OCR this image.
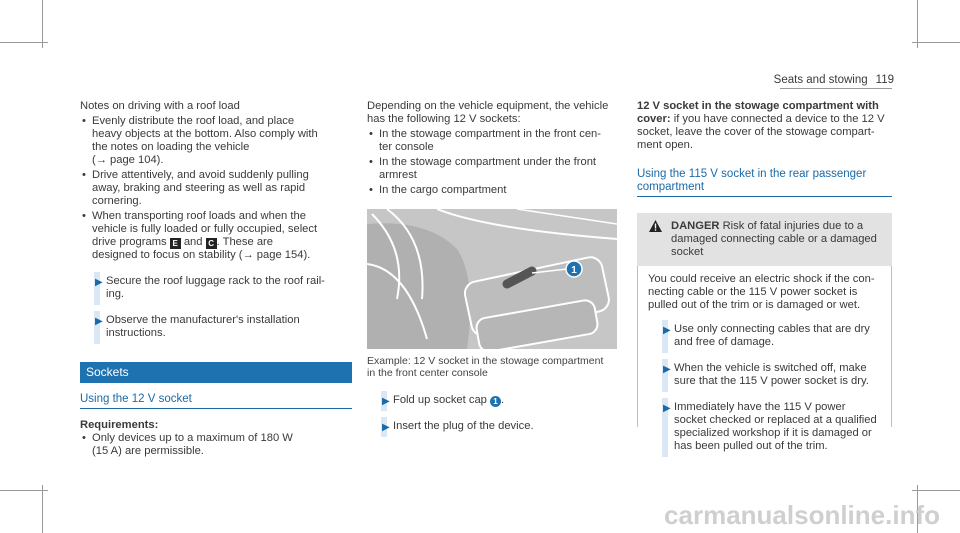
Seats and stowing 119

Notes on driving with a roof load

• Evenly distribute the roof load, and place
heavy objects at the bottom. Also comply with
the notes on loading the vehicle
(→ page 104).
• Drive attentively, and avoid suddenly pulling
away, braking and steering as well as rapid
cornering.
• When transporting roof loads and when the
vehicle is fully loaded or fully occupied, select
drive programs E and C . These are
designed to focus on stability (→ page 154).
▶ Secure the roof luggage rack to the roof rail-
ing.
▶ Observe the manufacturer's installation
instructions.
Sockets
Using the 12 V socket

Requirements:

• Only devices up to a maximum of 180 W
(15 A) are permissible.

Depending on the vehicle equipment, the vehicle

has the following 12 V sockets:

• In the stowage compartment in the front cen-
ter console
• In the stowage compartment under the front
armrest
• In the cargo compartment
1
Example: 12 V socket in the stowage compartment
in the front center console
▶ Fold up socket cap 1 .
▶ Insert the plug of the device.

12 V socket in the stowage compartment with

cover: if you have connected a device to the 12 V

socket, leave the cover of the stowage compart-

ment open.

Using the 115 V socket in the rear passenger
compartment
DANGER Risk of fatal injuries due to a
damaged connecting cable or a damaged
socket
You could receive an electric shock if the con-
necting cable or the 115 V power socket is
pulled out of the trim or is damaged or wet.
▶ Use only connecting cables that are dry
and free of damage.
▶ When the vehicle is switched off, make
sure that the 115 V power socket is dry.
▶ Immediately have the 115 V power
socket checked or replaced at a qualified
specialized workshop if it is damaged or
has been pulled out of the trim.
carmanualsonline.info
